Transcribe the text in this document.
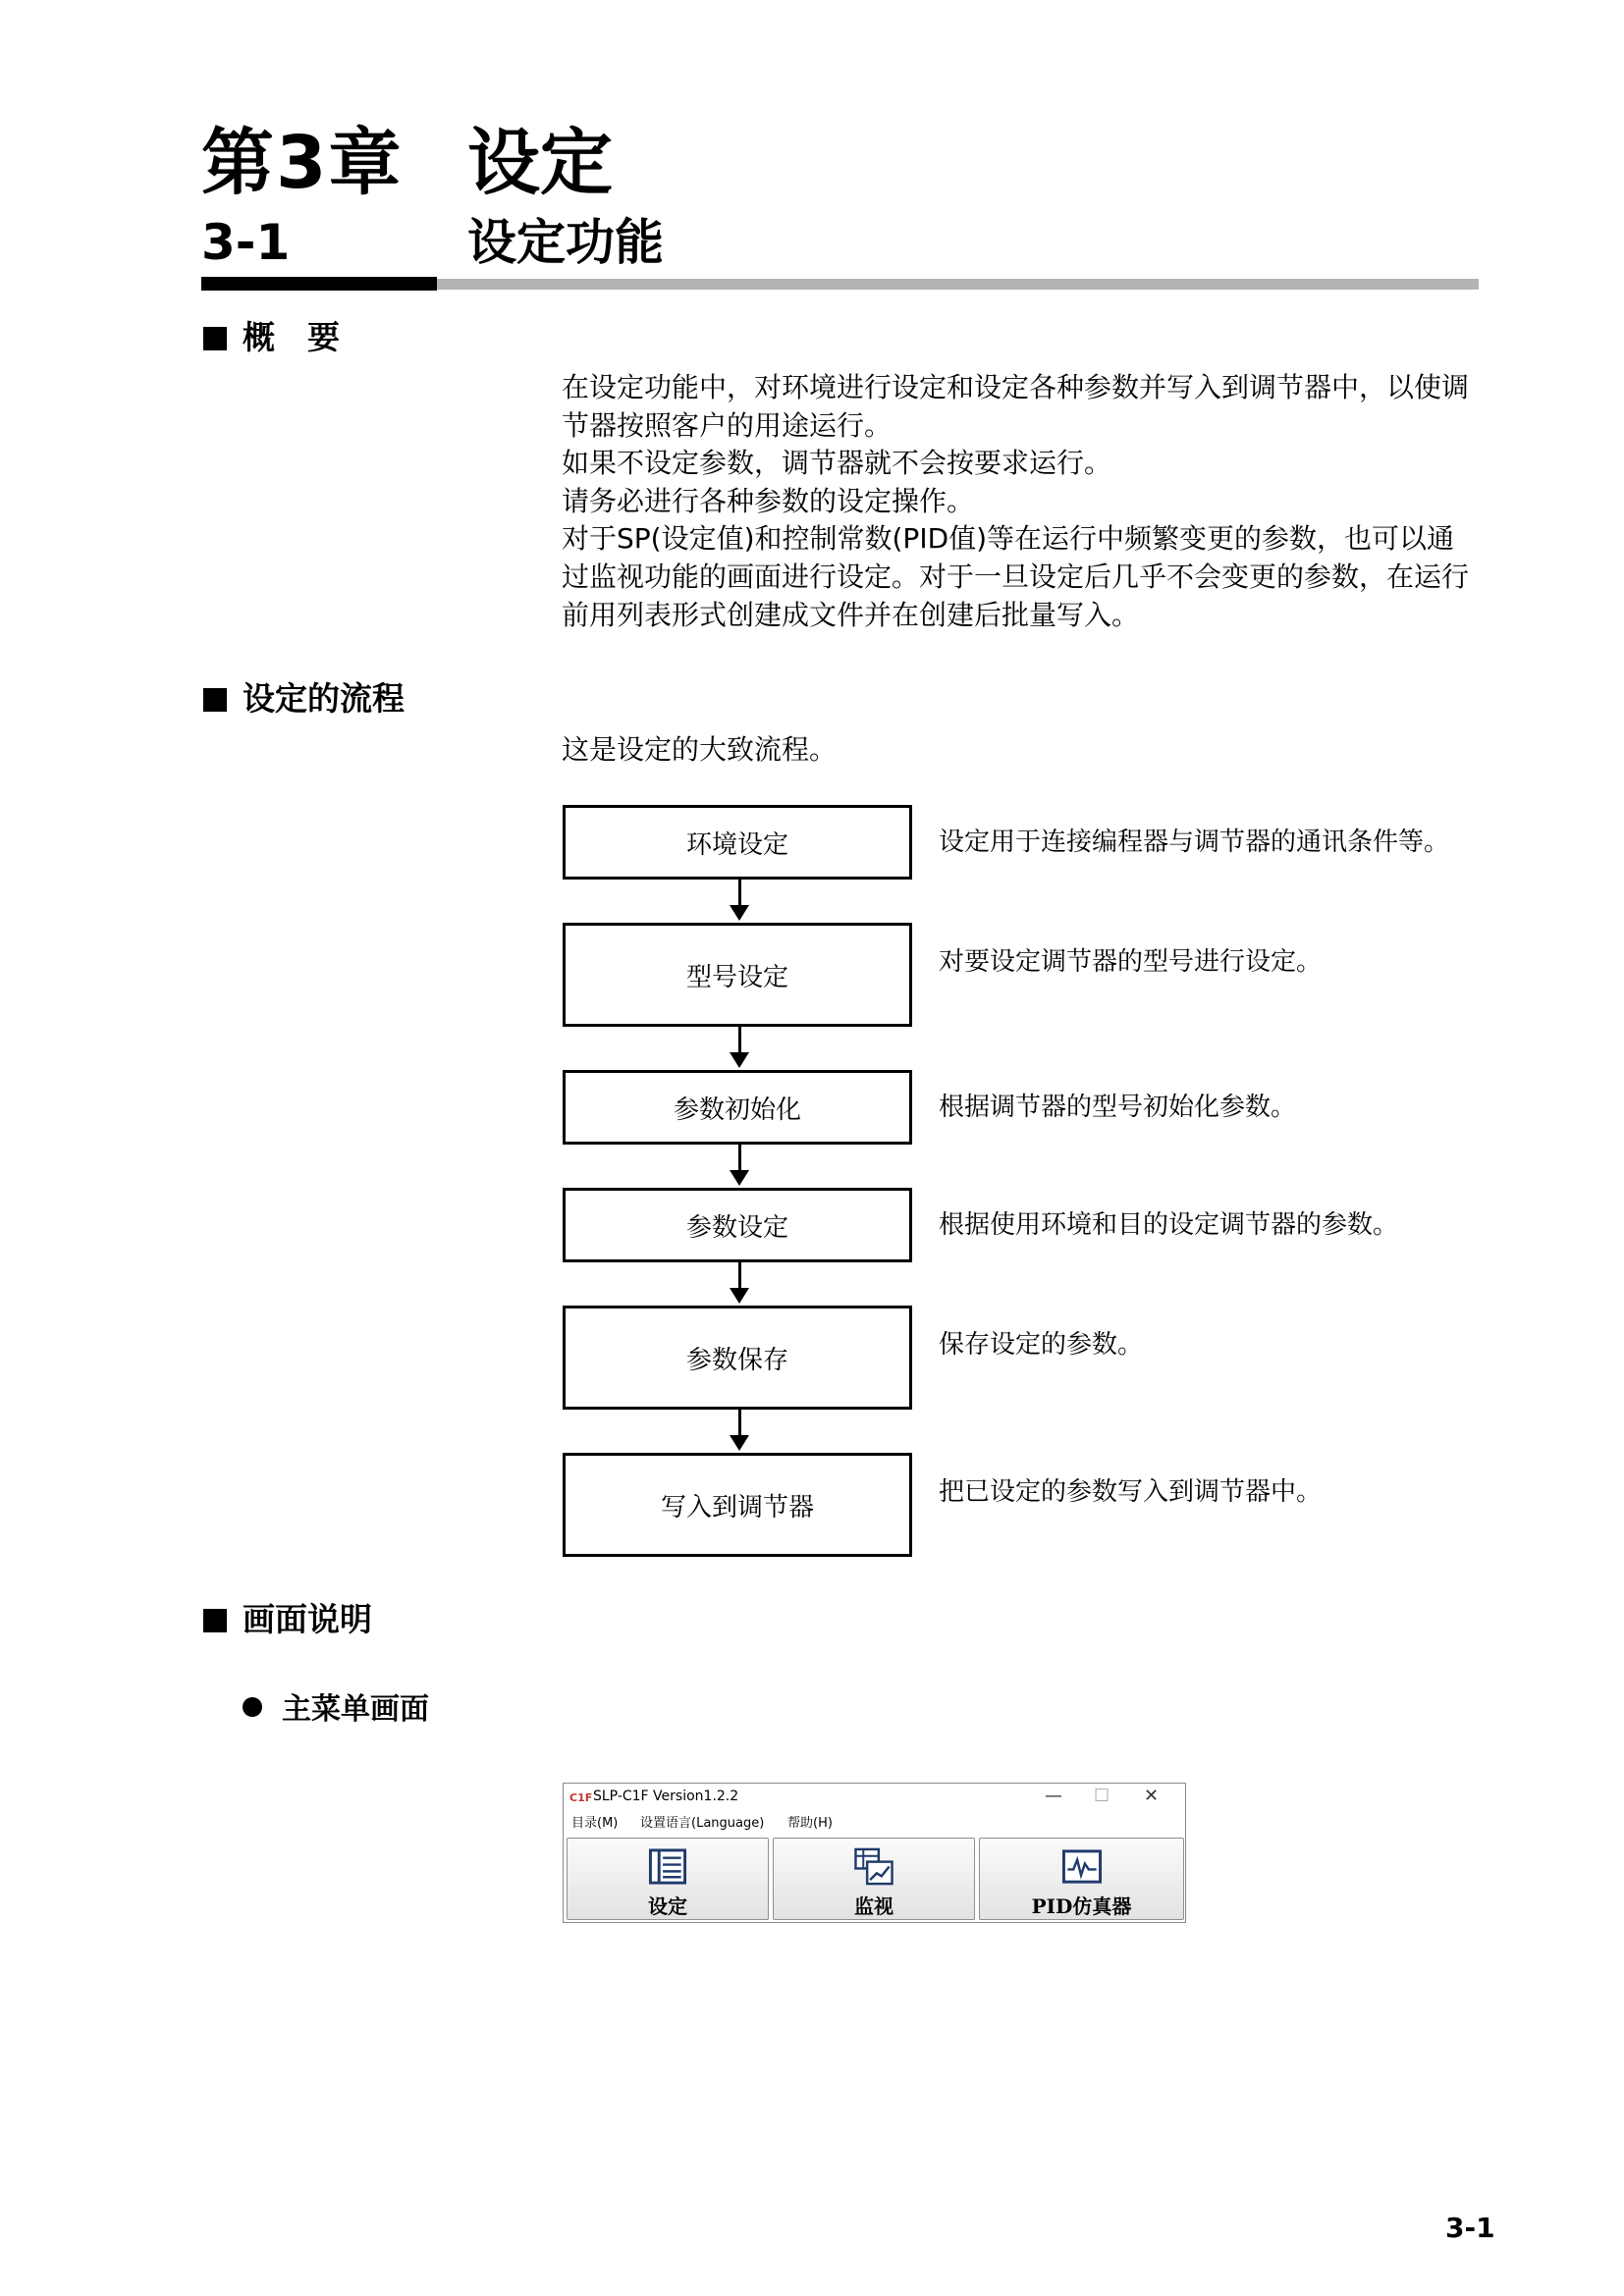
第3章 设定
3-1	设定功能
概　要

在设定功能中，对环境进行设定和设定各种参数并写入到调节器中，以使调

节器按照客户的用途运行。

如果不设定参数，调节器就不会按要求运行。

请务必进行各种参数的设定操作。

对于SP(设定值)和控制常数(PID值)等在运行中频繁变更的参数，也可以通

过监视功能的画面进行设定。对于一旦设定后几乎不会变更的参数，在运行

前用列表形式创建成文件并在创建后批量写入。

设定的流程
这是设定的大致流程。
环境设定	设定用于连接编程器与调节器的通讯条件等。
型号设定
对要设定调节器的型号进行设定。
参数初始化	根据调节器的型号初始化参数。
参数设定	根据使用环境和目的设定调节器的参数。
参数保存
保存设定的参数。
写入到调节器
把已设定的参数写入到调节器中。
画面说明
主菜单画面
C1F SLP-C1F Version1.2.2	— ☐ ✕
目录(M) 设置语言(Language) 帮助(H)
设定	监视	PID仿真器
3-1
